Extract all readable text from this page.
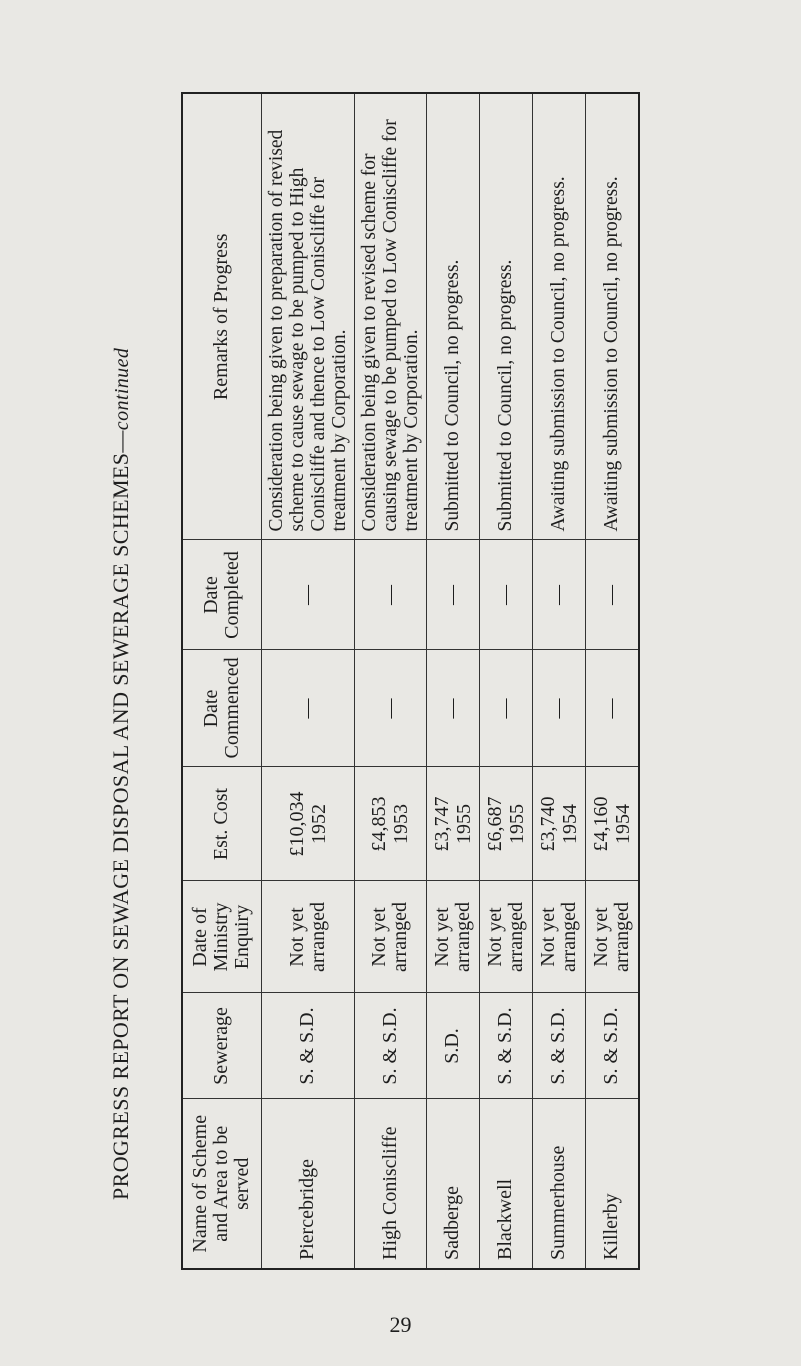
PROGRESS REPORT ON SEWAGE DISPOSAL AND SEWERAGE SCHEMES—continued
Name of Scheme and Area to be served	Sewerage	Date of Ministry Enquiry	Est. Cost	Date Commenced	Date Completed	Remarks of Progress
Piercebridge	S. & S.D.	Not yet arranged	£10,034 1952	—	—	Consideration being given to preparation of revised scheme to cause sewage to be pumped to High Coniscliffe and thence to Low Coniscliffe for treatment by Corporation.
High Coniscliffe	S. & S.D.	Not yet arranged	£4,853 1953	—	—	Consideration being given to revised scheme for causing sewage to be pumped to Low Coniscliffe for treatment by Corporation.
Sadberge	S.D.	Not yet arranged	£3,747 1955	—	—	Submitted to Council, no progress.
Blackwell	S. & S.D.	Not yet arranged	£6,687 1955	—	—	Submitted to Council, no progress.
Summerhouse	S. & S.D.	Not yet arranged	£3,740 1954	—	—	Awaiting submission to Council, no progress.
Killerby	S. & S.D.	Not yet arranged	£4,160 1954	—	—	Awaiting submission to Council, no progress.
29
